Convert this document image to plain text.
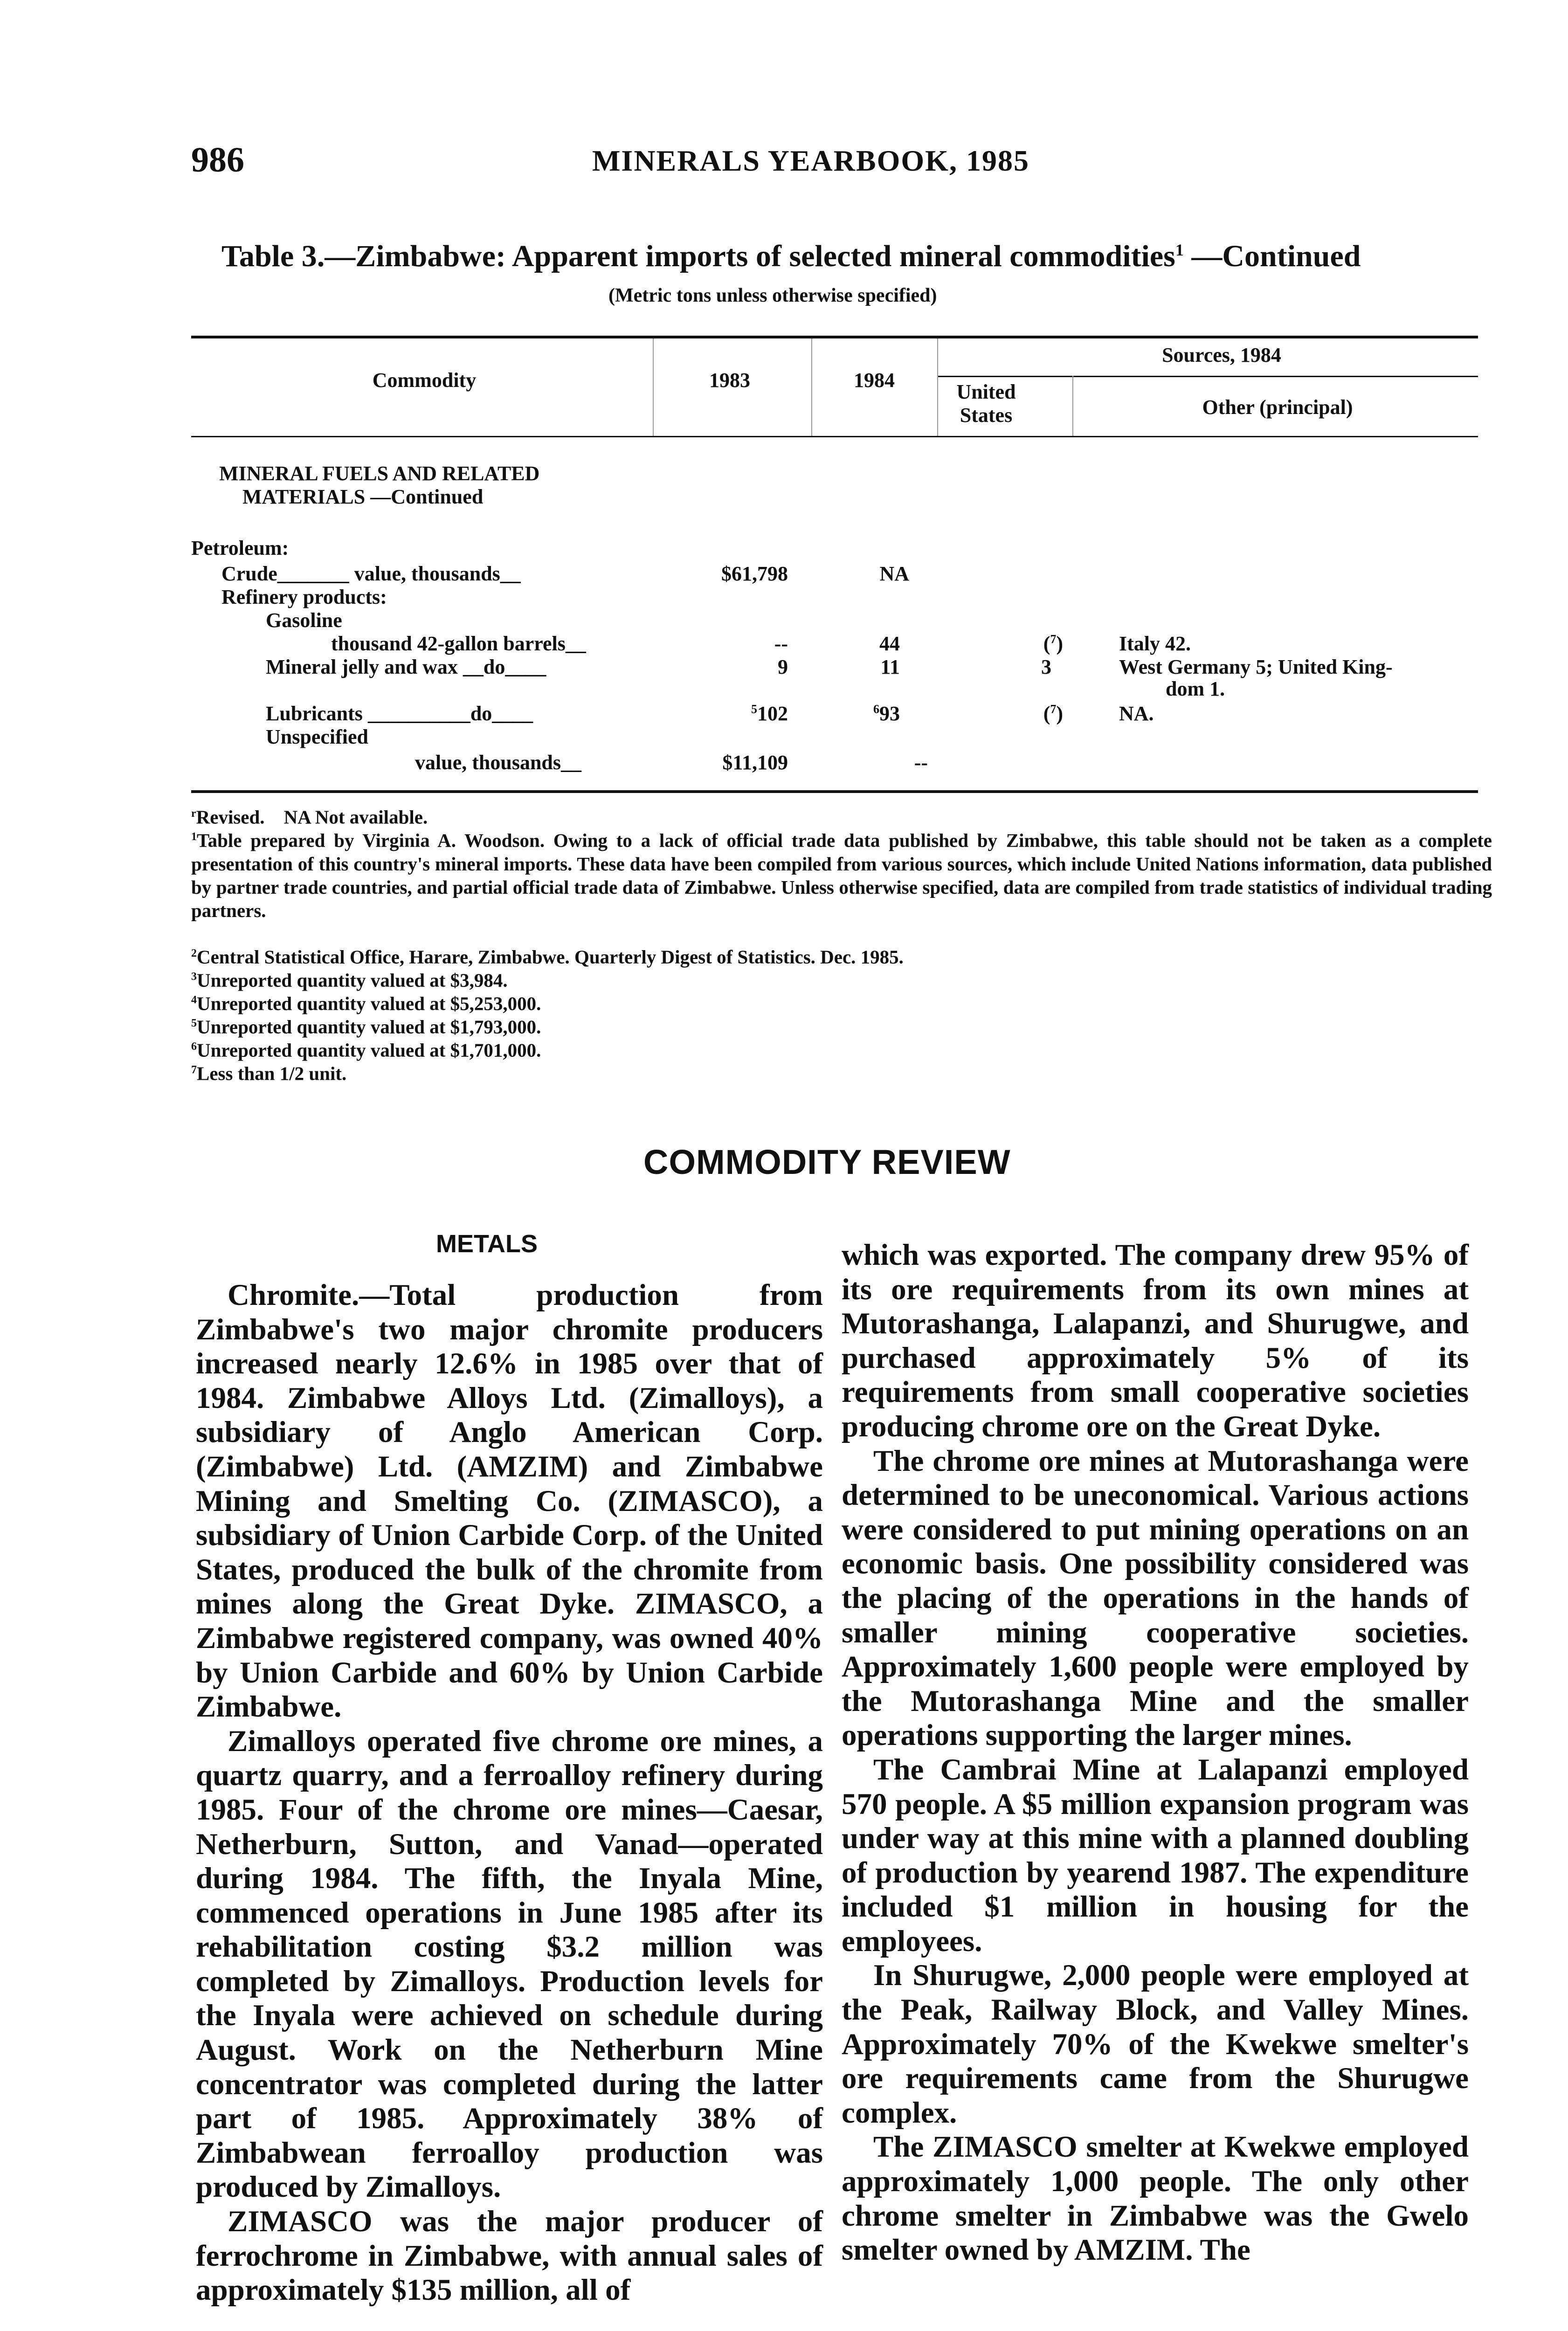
986	MINERALS YEARBOOK, 1985
Table 3.—Zimbabwe: Apparent imports of selected mineral commodities$^1$ —Continued
(Metric tons unless otherwise specified)
Commodity	1983	1984
Sources, 1984
United States	Other (principal)
MINERAL FUELS AND RELATED
MATERIALS —Continued
Petroleum:
Crude_______ value, thousands__	$61,798	NA
Refinery products:
Gasoline
thousand 42-gallon barrels__	--	44	($^7$)	Italy 42.
Mineral jelly and wax __do____	9	11	3	West Germany 5; United King-
dom 1.
Lubricants __________do____	$^5$102	$^6$93	($^7$)	NA.
Unspecified
value, thousands__	$11,109	--
$^r$Revised. NA Not available.
$^1$Table prepared by Virginia A. Woodson. Owing to a lack of official trade data published by Zimbabwe, this table should not be taken as a complete presentation of this country's mineral imports. These data have been compiled from various sources, which include United Nations information, data published by partner trade countries, and partial official trade data of Zimbabwe. Unless otherwise specified, data are compiled from trade statistics of individual trading partners.
$^2$Central Statistical Office, Harare, Zimbabwe. Quarterly Digest of Statistics. Dec. 1985.
$^3$Unreported quantity valued at $3,984.
$^4$Unreported quantity valued at $5,253,000.
$^5$Unreported quantity valued at $1,793,000.
$^6$Unreported quantity valued at $1,701,000.
$^7$Less than 1/2 unit.
COMMODITY REVIEW
METALS

Chromite.—Total production from Zimbabwe's two major chromite producers increased nearly 12.6% in 1985 over that of 1984. Zimbabwe Alloys Ltd. (Zimalloys), a subsidiary of Anglo American Corp. (Zimbabwe) Ltd. (AMZIM) and Zimbabwe Mining and Smelting Co. (ZIMASCO), a subsidiary of Union Carbide Corp. of the United States, produced the bulk of the chromite from mines along the Great Dyke. ZIMASCO, a Zimbabwe registered company, was owned 40% by Union Carbide and 60% by Union Carbide Zimbabwe.

Zimalloys operated five chrome ore mines, a quartz quarry, and a ferroalloy refinery during 1985. Four of the chrome ore mines—Caesar, Netherburn, Sutton, and Vanad—operated during 1984. The fifth, the Inyala Mine, commenced operations in June 1985 after its rehabilitation costing $3.2 million was completed by Zimalloys. Production levels for the Inyala were achieved on schedule during August. Work on the Netherburn Mine concentrator was completed during the latter part of 1985. Approximately 38% of Zimbabwean ferroalloy production was produced by Zimalloys.

ZIMASCO was the major producer of ferrochrome in Zimbabwe, with annual sales of approximately $135 million, all of

which was exported. The company drew 95% of its ore requirements from its own mines at Mutorashanga, Lalapanzi, and Shurugwe, and purchased approximately 5% of its requirements from small cooperative societies producing chrome ore on the Great Dyke.

The chrome ore mines at Mutorashanga were determined to be uneconomical. Various actions were considered to put mining operations on an economic basis. One possibility considered was the placing of the operations in the hands of smaller mining cooperative societies. Approximately 1,600 people were employed by the Mutorashanga Mine and the smaller operations supporting the larger mines.

The Cambrai Mine at Lalapanzi employed 570 people. A $5 million expansion program was under way at this mine with a planned doubling of production by yearend 1987. The expenditure included $1 million in housing for the employees.

In Shurugwe, 2,000 people were employed at the Peak, Railway Block, and Valley Mines. Approximately 70% of the Kwekwe smelter's ore requirements came from the Shurugwe complex.

The ZIMASCO smelter at Kwekwe employed approximately 1,000 people. The only other chrome smelter in Zimbabwe was the Gwelo smelter owned by AMZIM. The
